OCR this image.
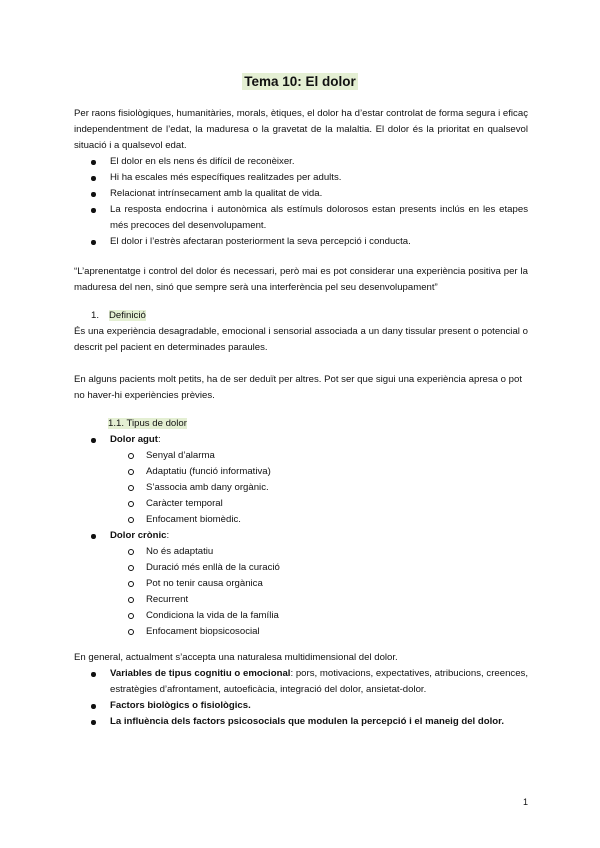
Tema 10: El dolor
Per raons fisiològiques, humanitàries, morals, ètiques, el dolor ha d’estar controlat de forma segura i eficaç independentment de l’edat, la maduresa o la gravetat de la malaltia. El dolor és la prioritat en qualsevol situació i a qualsevol edat.
El dolor en els nens és difícil de reconèixer.
Hi ha escales més específiques realitzades per adults.
Relacionat intrínsecament amb la qualitat de vida.
La resposta endocrina i autonòmica als estímuls dolorosos estan presents inclús en les etapes més precoces del desenvolupament.
El dolor i l’estrès afectaran posteriorment la seva percepció i conducta.
“L’aprenentatge i control del dolor és necessari, però mai es pot considerar una experiència positiva per la maduresa del nen, sinó que sempre serà una interferència pel seu desenvolupament”
1. Definició
És una experiència desagradable, emocional i sensorial associada a un dany tissular present o potencial o descrit pel pacient en determinades paraules.
En alguns pacients molt petits, ha de ser deduït per altres. Pot ser que sigui una experiència apresa o pot no haver-hi experiències prèvies.
1.1. Tipus de dolor
Dolor agut:
Senyal d’alarma
Adaptatiu (funció informativa)
S’associa amb dany orgànic.
Caràcter temporal
Enfocament biomèdic.
Dolor crònic:
No és adaptatiu
Duració més enllà de la curació
Pot no tenir causa orgànica
Recurrent
Condiciona la vida de la família
Enfocament biopsicosocial
En general, actualment s’accepta una naturalesa multidimensional del dolor.
Variables de tipus cognitiu o emocional: pors, motivacions, expectatives, atribucions, creences, estratègies d’afrontament, autoeficàcia, integració del dolor, ansietat-dolor.
Factors biològics o fisiològics.
La influència dels factors psicosocials que modulen la percepció i el maneig del dolor.
1
